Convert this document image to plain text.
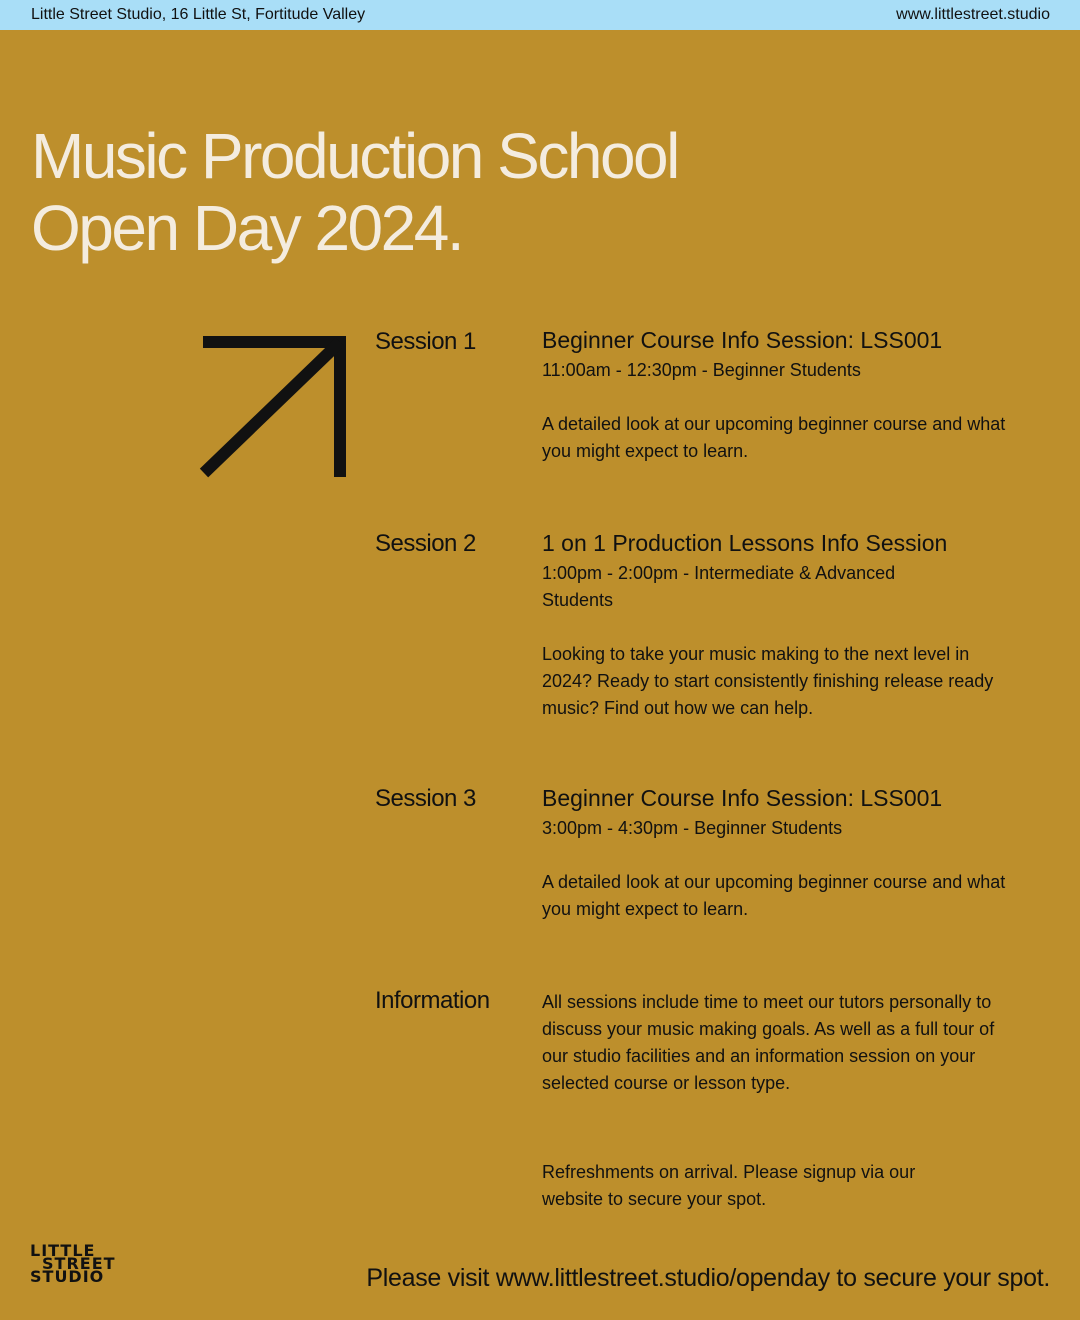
Little Street Studio, 16 Little St, Fortitude Valley	www.littlestreet.studio
Music Production School
Open Day 2024.
Session 1	Beginner Course Info Session: LSS001
11:00am - 12:30pm - Beginner Students
A detailed look at our upcoming beginner course and what you might expect to learn.
Session 2	1 on 1 Production Lessons Info Session
1:00pm - 2:00pm - Intermediate & Advanced Students
Looking to take your music making to the next level in 2024? Ready to start consistently finishing release ready music? Find out how we can help.
Session 3	Beginner Course Info Session: LSS001
3:00pm - 4:30pm - Beginner Students
A detailed look at our upcoming beginner course and what you might expect to learn.
Information	All sessions include time to meet our tutors personally to discuss your music making goals. As well as a full tour of our studio facilities and an information session on your selected course or lesson type.
Refreshments on arrival. Please signup via our website to secure your spot.
LITTLE
STREET
STUDIO	Please visit www.littlestreet.studio/openday to secure your spot.
